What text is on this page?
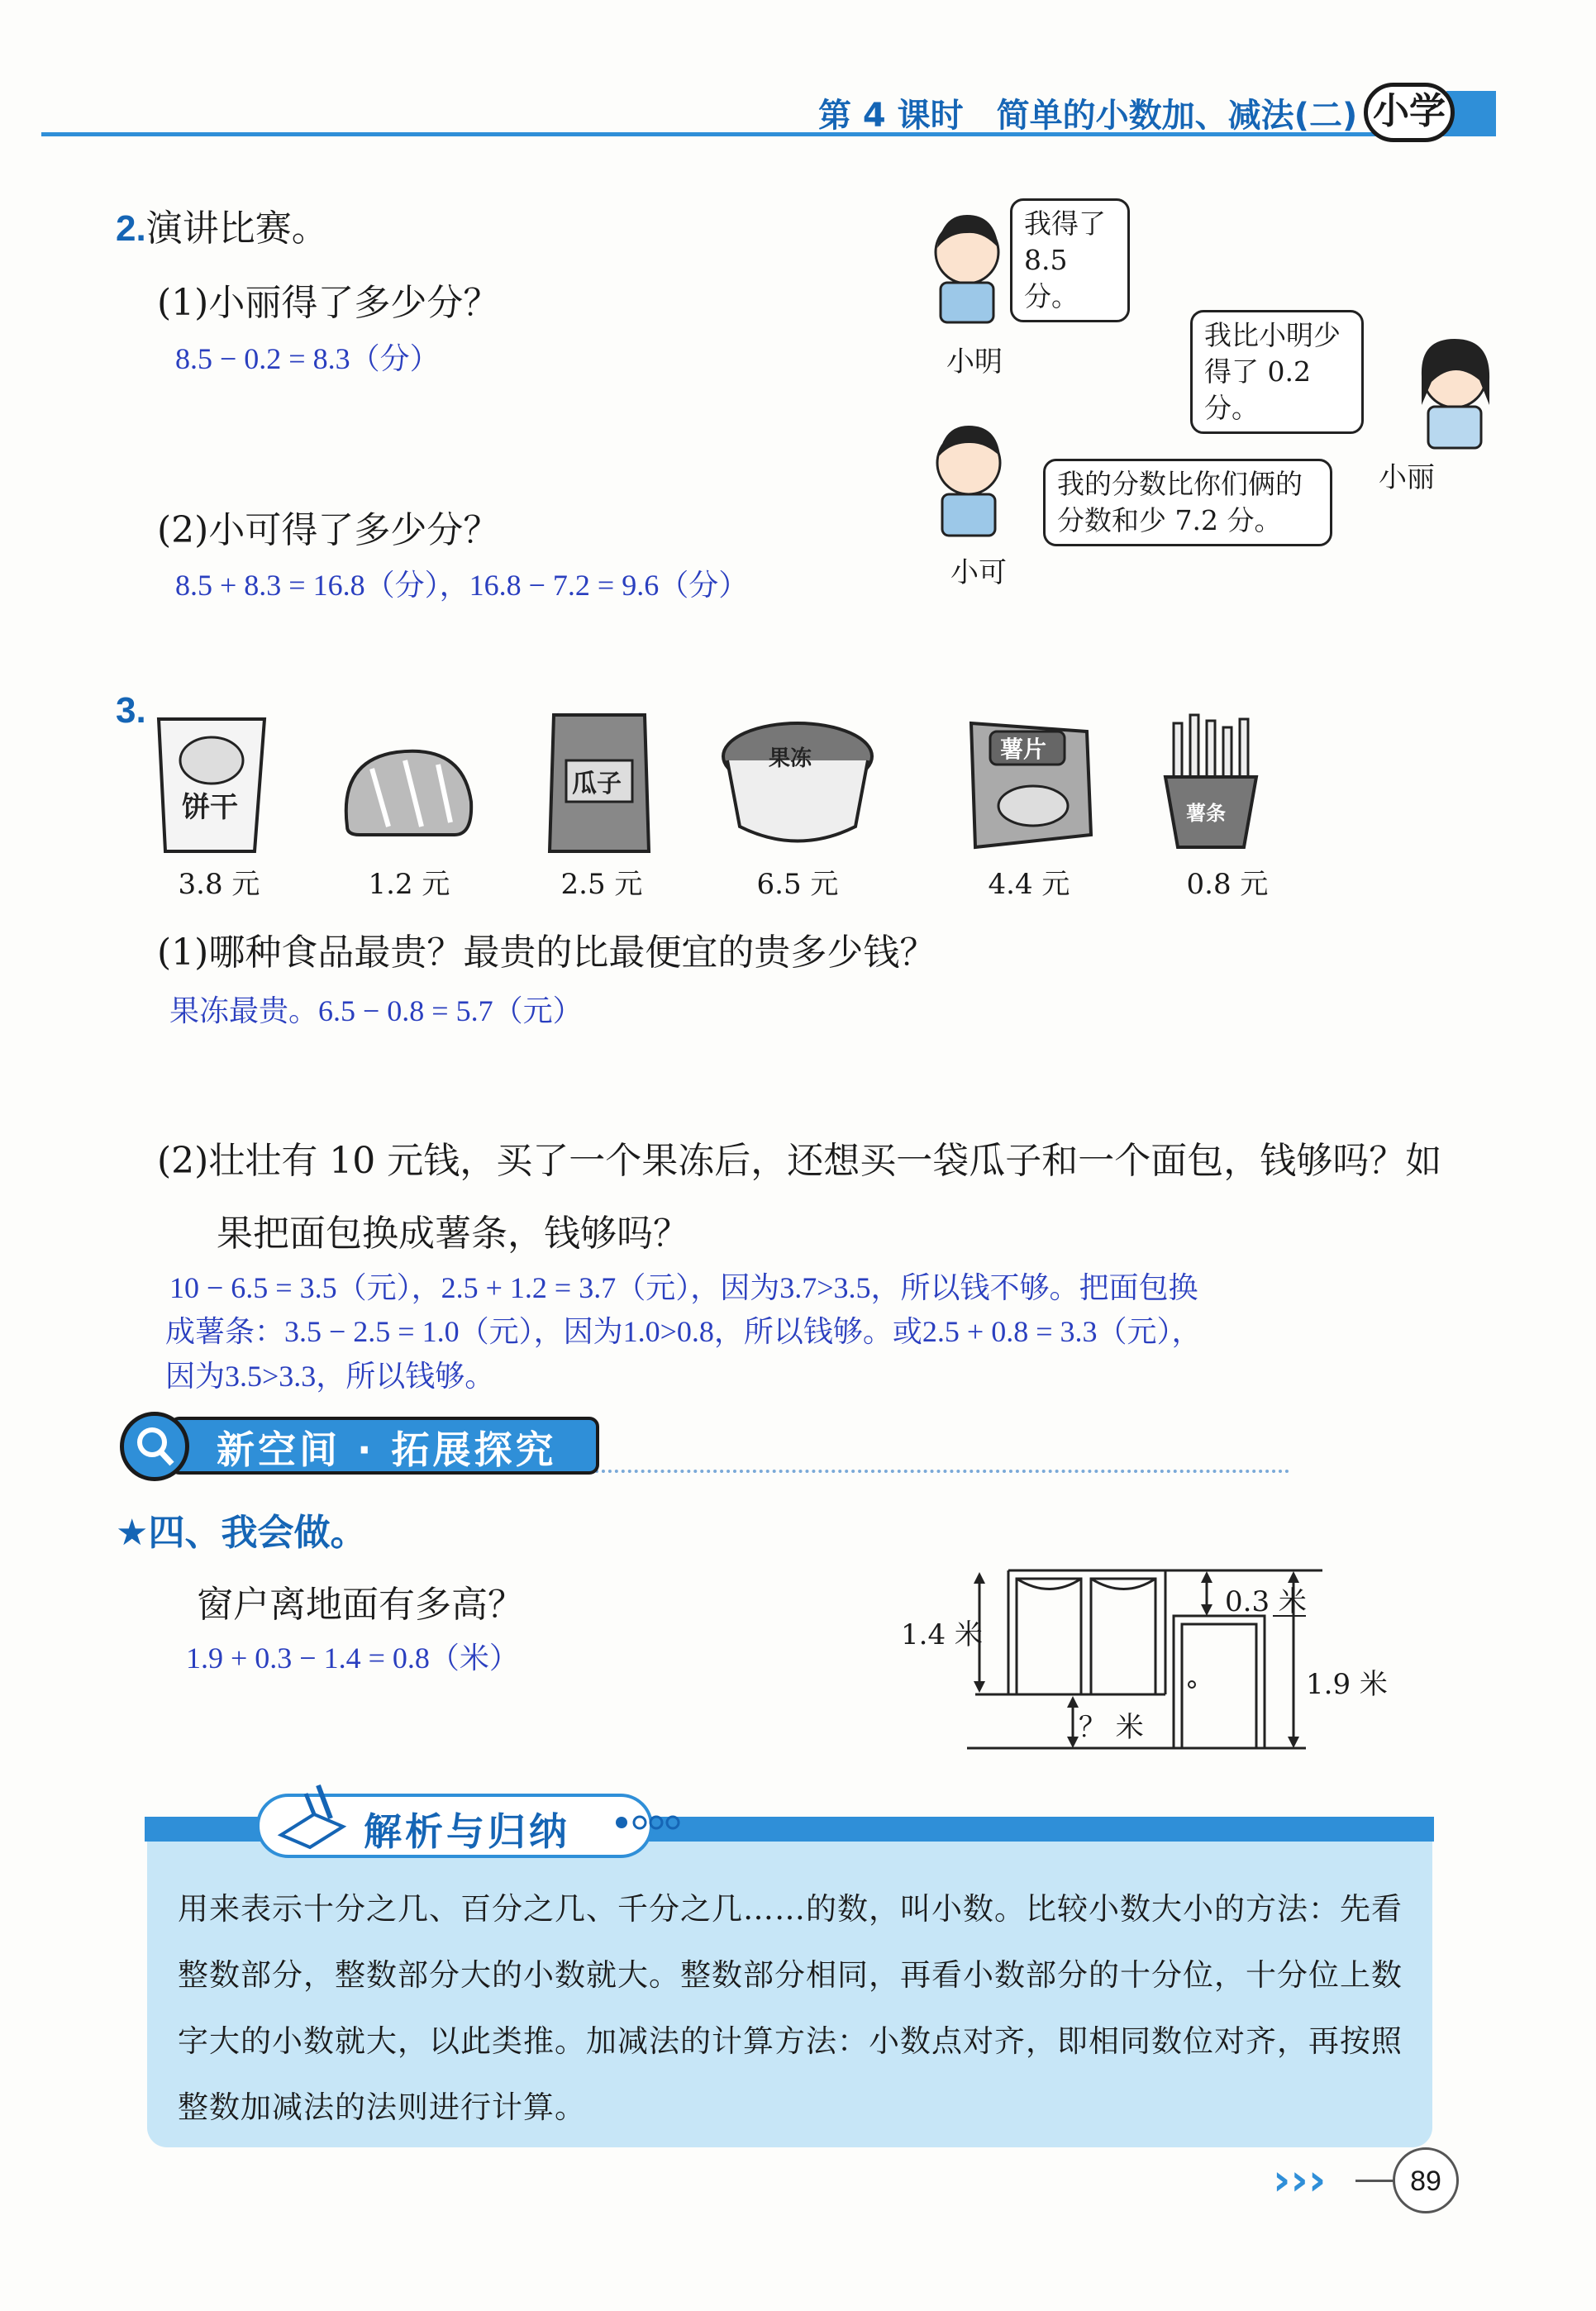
第 4 课时　简单的小数加、减法(二) 小学
2.演讲比赛。
(1)小丽得了多少分？
8.5 − 0.2 = 8.3（分）
(2)小可得了多少分？
8.5 + 8.3 = 16.8（分），16.8 − 7.2 = 9.6（分）
我得了
8.5 分。
小明
我比小明少
得了 0.2 分。
小丽
我的分数比你们俩的
分数和少 7.2 分。
小可
3.
饼干
瓜子
果冻	薯片
薯条
3.8 元	1.2 元	2.5 元	6.5 元	4.4 元	0.8 元
(1)哪种食品最贵？最贵的比最便宜的贵多少钱？
果冻最贵。6.5 − 0.8 = 5.7（元）
(2)壮壮有 10 元钱，买了一个果冻后，还想买一袋瓜子和一个面包，钱够吗？如
果把面包换成薯条，钱够吗？
10 − 6.5 = 3.5（元），2.5 + 1.2 = 3.7（元），因为3.7>3.5，所以钱不够。把面包换
成薯条：3.5 − 2.5 = 1.0（元），因为1.0>0.8，所以钱够。或2.5 + 0.8 = 3.3（元），
因为3.5>3.3，所以钱够。
新空间 · 拓展探究
★四、我会做。
窗户离地面有多高？
1.9 + 0.3 − 1.4 = 0.8（米）
1.4 米
？ 米
0.3 米
1.9 米
解析与归纳
用来表示十分之几、百分之几、千分之几……的数，叫小数。比较小数大小的方法：先看整数部分，整数部分大的小数就大。整数部分相同，再看小数部分的十分位，十分位上数字大的小数就大，以此类推。加减法的计算方法：小数点对齐，即相同数位对齐，再按照整数加减法的法则进行计算。
›››	89
